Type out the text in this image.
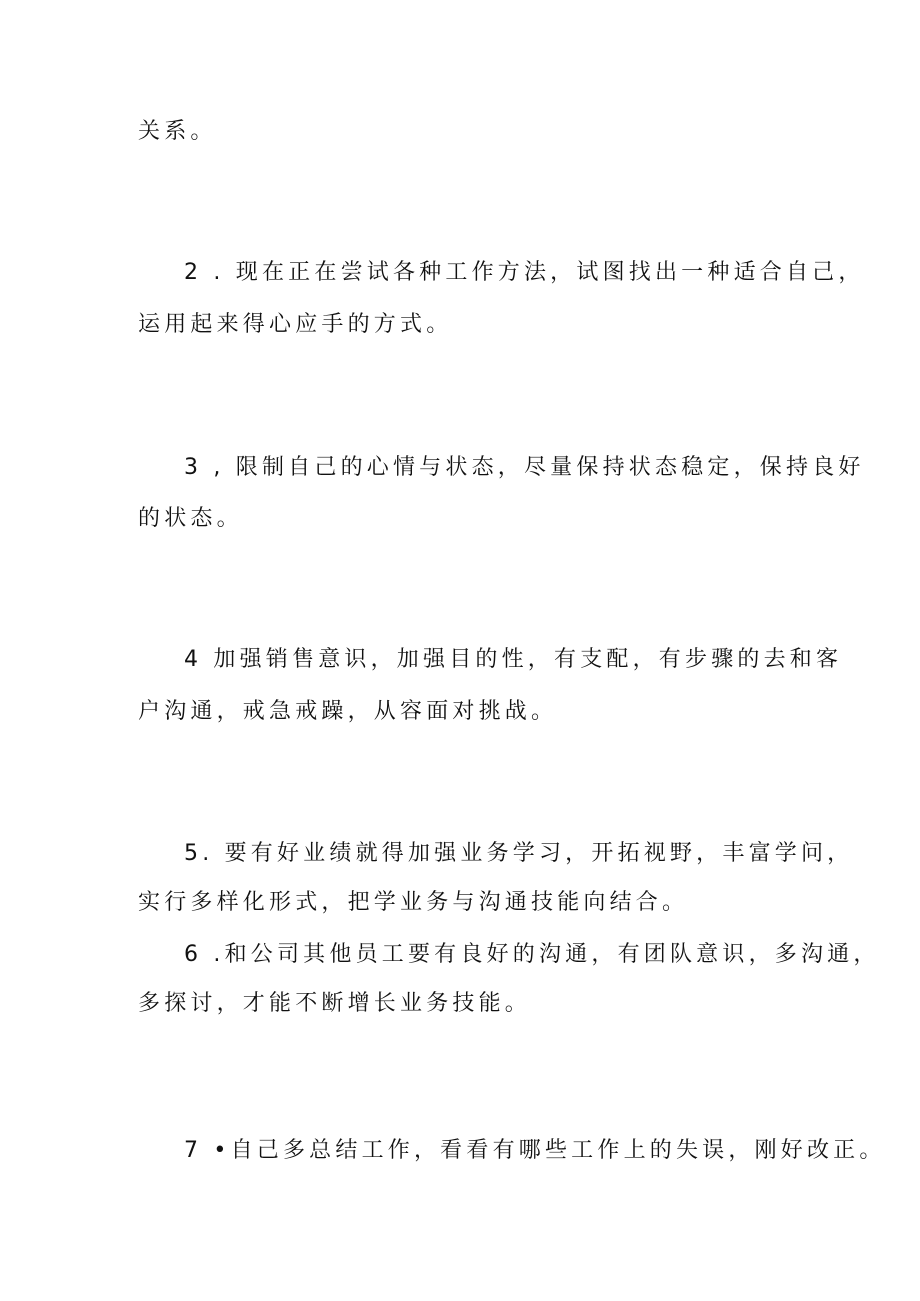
关系。
2 . 现在正在尝试各种工作方法，试图找出一种适合自己，
运用起来得心应手的方式。
3 , 限制自己的心情与状态，尽量保持状态稳定，保持良好
的状态。
4 加强销售意识，加强目的性，有支配，有步骤的去和客
户沟通，戒急戒躁，从容面对挑战。
5. 要有好业绩就得加强业务学习，开拓视野，丰富学问，
实行多样化形式，把学业务与沟通技能向结合。
6 .和公司其他员工要有良好的沟通，有团队意识，多沟通，
多探讨，才能不断增长业务技能。
7 •自己多总结工作，看看有哪些工作上的失误，刚好改正。
